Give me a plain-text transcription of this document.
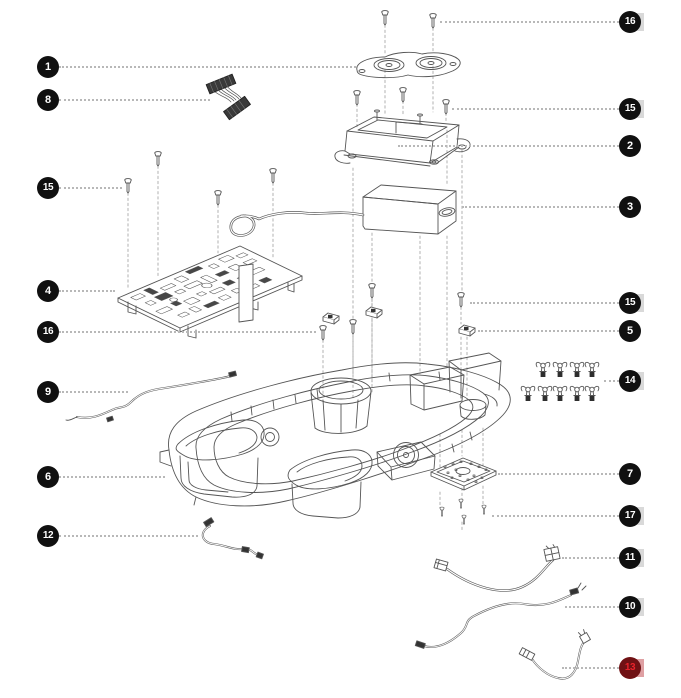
1
8
15
4
16
9
6
12
16
15
2
3
15
5
14
7
17
11
10
13
